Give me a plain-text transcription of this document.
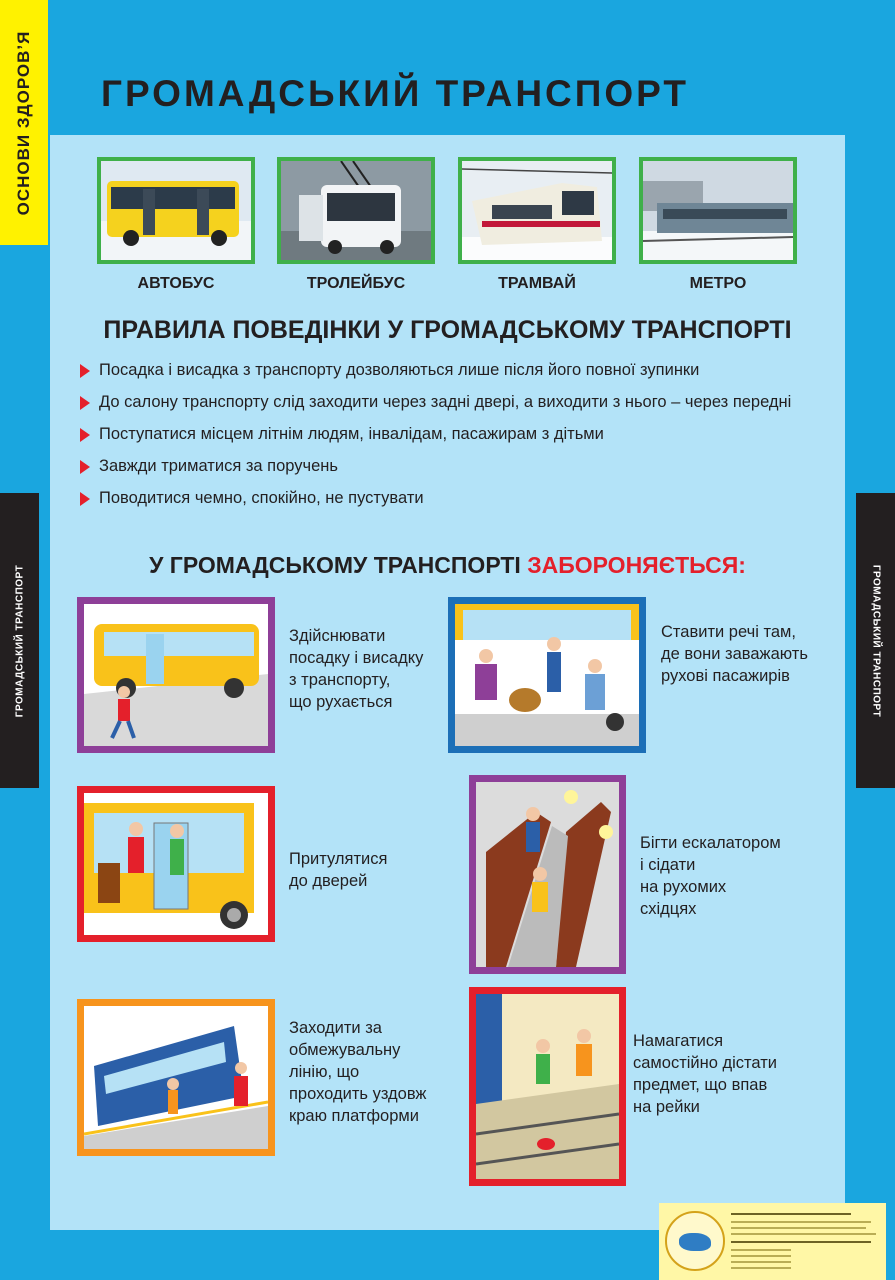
ОСНОВИ ЗДОРОВ’Я ГРОМАДСЬКИЙ ТРАНСПОРТ
ГРОМАДСЬКИЙ ТРАНСПОРТ	ГРОМАДСЬКИЙ ТРАНСПОРТ
АВТОБУС	ТРОЛЕЙБУС	ТРАМВАЙ	МЕТРО
ПРАВИЛА ПОВЕДІНКИ У ГРОМАДСЬКОМУ ТРАНСПОРТІ
Посадка і висадка з транспорту дозволяються лише після його повної зупинки
До салону транспорту слід заходити через задні двері, а виходити з нього – через передні
Поступатися місцем літнім людям, інвалідам, пасажирам з дітьми
Завжди триматися за поручень
Поводитися чемно, спокійно, не пустувати
У ГРОМАДСЬКОМУ ТРАНСПОРТІ ЗАБОРОНЯЄТЬСЯ:
Здійснювати
посадку і висадку
з транспорту,
що рухається
Ставити речі там,
де вони заважають
рухові пасажирів
Притулятися
до дверей
Бігти ескалатором
і сідати
на рухомих
східцях
Заходити за
обмежувальну
лінію, що
проходить уздовж
краю платформи
Намагатися
самостійно дістати
предмет, що впав
на рейки
